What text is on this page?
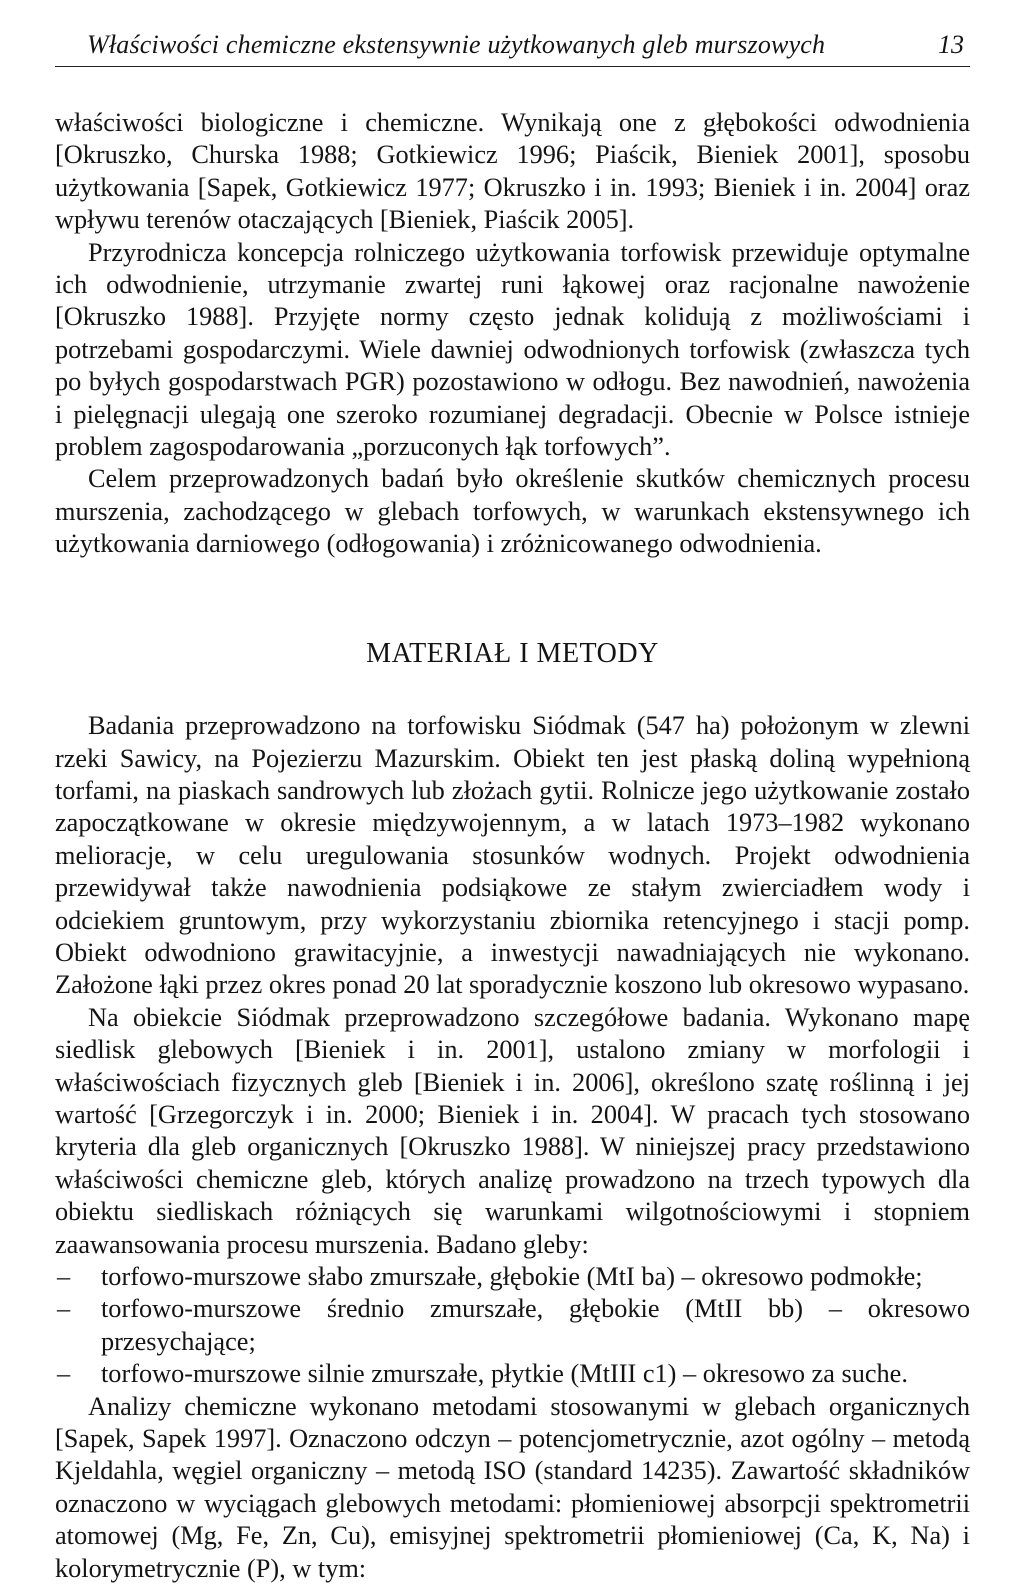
Właściwości chemiczne ekstensywnie użytkowanych gleb murszowych	13

właściwości biologiczne i chemiczne. Wynikają one z głębokości odwodnienia [Okruszko, Churska 1988; Gotkiewicz 1996; Piaścik, Bieniek 2001], sposobu użytkowania [Sapek, Gotkiewicz 1977; Okruszko i in. 1993; Bieniek i in. 2004] oraz wpływu terenów otaczających [Bieniek, Piaścik 2005].

Przyrodnicza koncepcja rolniczego użytkowania torfowisk przewiduje optymalne ich odwodnienie, utrzymanie zwartej runi łąkowej oraz racjonalne nawożenie [Okruszko 1988]. Przyjęte normy często jednak kolidują z możliwościami i potrzebami gospodarczymi. Wiele dawniej odwodnionych torfowisk (zwłaszcza tych po byłych gospodarstwach PGR) pozostawiono w odłogu. Bez nawodnień, nawożenia i pielęgnacji ulegają one szeroko rozumianej degradacji. Obecnie w Polsce istnieje problem zagospodarowania „porzuconych łąk torfowych”.

Celem przeprowadzonych badań było określenie skutków chemicznych procesu murszenia, zachodzącego w glebach torfowych, w warunkach ekstensywnego ich użytkowania darniowego (odłogowania) i zróżnicowanego odwodnienia.

MATERIAŁ I METODY

Badania przeprowadzono na torfowisku Siódmak (547 ha) położonym w zlewni rzeki Sawicy, na Pojezierzu Mazurskim. Obiekt ten jest płaską doliną wypełnioną torfami, na piaskach sandrowych lub złożach gytii. Rolnicze jego użytkowanie zostało zapoczątkowane w okresie międzywojennym, a w latach 1973–1982 wykonano melioracje, w celu uregulowania stosunków wodnych. Projekt odwodnienia przewidywał także nawodnienia podsiąkowe ze stałym zwierciadłem wody i odciekiem gruntowym, przy wykorzystaniu zbiornika retencyjnego i stacji pomp. Obiekt odwodniono grawitacyjnie, a inwestycji nawadniających nie wykonano. Założone łąki przez okres ponad 20 lat sporadycznie koszono lub okresowo wypasano.

Na obiekcie Siódmak przeprowadzono szczegółowe badania. Wykonano mapę siedlisk glebowych [Bieniek i in. 2001], ustalono zmiany w morfologii i właściwościach fizycznych gleb [Bieniek i in. 2006], określono szatę roślinną i jej wartość [Grzegorczyk i in. 2000; Bieniek i in. 2004]. W pracach tych stosowano kryteria dla gleb organicznych [Okruszko 1988]. W niniejszej pracy przedstawiono właściwości chemiczne gleb, których analizę prowadzono na trzech typowych dla obiektu siedliskach różniących się warunkami wilgotnościowymi i stopniem zaawansowania procesu murszenia. Badano gleby:

– torfowo-murszowe słabo zmurszałe, głębokie (MtI ba) – okresowo podmokłe;
– torfowo-murszowe średnio zmurszałe, głębokie (MtII bb) – okresowo przesychające;
– torfowo-murszowe silnie zmurszałe, płytkie (MtIII c1) – okresowo za suche.

Analizy chemiczne wykonano metodami stosowanymi w glebach organicznych [Sapek, Sapek 1997]. Oznaczono odczyn – potencjometrycznie, azot ogólny – metodą Kjeldahla, węgiel organiczny – metodą ISO (standard 14235). Zawartość składników oznaczono w wyciągach glebowych metodami: płomieniowej absorpcji spektrometrii atomowej (Mg, Fe, Zn, Cu), emisyjnej spektrometrii płomieniowej (Ca, K, Na) i kolorymetrycznie (P), w tym:
